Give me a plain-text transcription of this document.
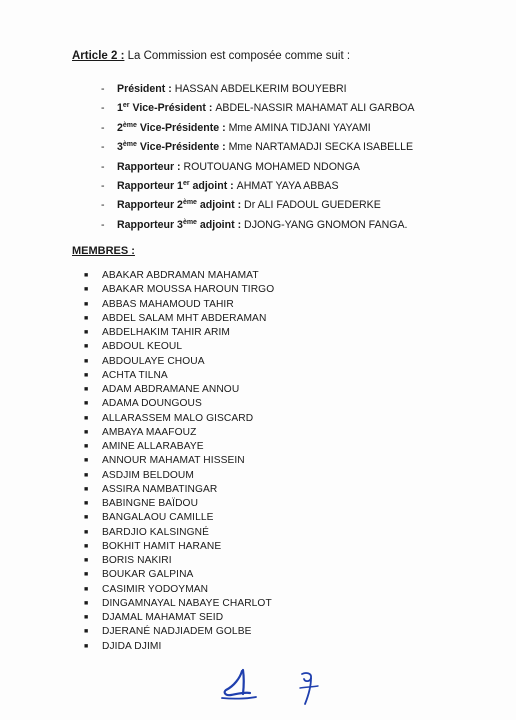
Article 2 : La Commission est composée comme suit :
-	Président : HASSAN ABDELKERIM BOUYEBRI
-	1er Vice-Président : ABDEL-NASSIR MAHAMAT ALI GARBOA
-	2ème Vice-Présidente : Mme AMINA TIDJANI YAYAMI
-	3ème Vice-Présidente : Mme NARTAMADJI SECKA ISABELLE
-	Rapporteur : ROUTOUANG MOHAMED NDONGA
-	Rapporteur 1er adjoint : AHMAT YAYA ABBAS
-	Rapporteur 2ème adjoint : Dr ALI FADOUL GUEDERKE
-	Rapporteur 3ème adjoint : DJONG-YANG GNOMON FANGA.
MEMBRES :
■	ABAKAR ABDRAMAN MAHAMAT
■	ABAKAR MOUSSA HAROUN TIRGO
■	ABBAS MAHAMOUD TAHIR
■	ABDEL SALAM MHT ABDERAMAN
■	ABDELHAKIM TAHIR ARIM
■	ABDOUL KEOUL
■	ABDOULAYE CHOUA
■	ACHTA TILNA
■	ADAM ABDRAMANE ANNOU
■	ADAMA DOUNGOUS
■	ALLARASSEM MALO GISCARD
■	AMBAYA MAAFOUZ
■	AMINE ALLARABAYE
■	ANNOUR MAHAMAT HISSEIN
■	ASDJIM BELDOUM
■	ASSIRA NAMBATINGAR
■	BABINGNE BAÏDOU
■	BANGALAOU CAMILLE
■	BARDJIO KALSINGNÉ
■	BOKHIT HAMIT HARANE
■	BORIS NAKIRI
■	BOUKAR GALPINA
■	CASIMIR YODOYMAN
■	DINGAMNAYAL NABAYE CHARLOT
■	DJAMAL MAHAMAT SEID
■	DJERANÉ NADJIADEM GOLBE
■	DJIDA DJIMI
